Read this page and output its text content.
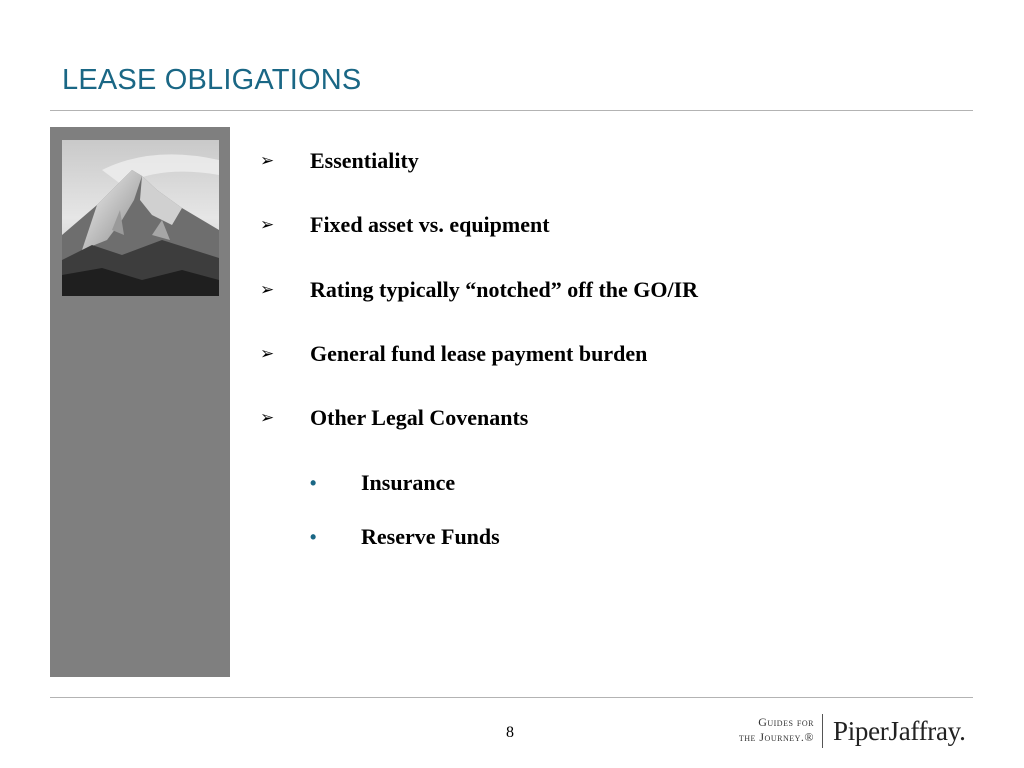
LEASE OBLIGATIONS
➢ Essentiality
➢ Fixed asset vs. equipment
➢ Rating typically “notched” off the GO/IR
➢ General fund lease payment burden
➢ Other Legal Covenants
• Insurance
• Reserve Funds
8
Guides for
the Journey.® PiperJaffray.
